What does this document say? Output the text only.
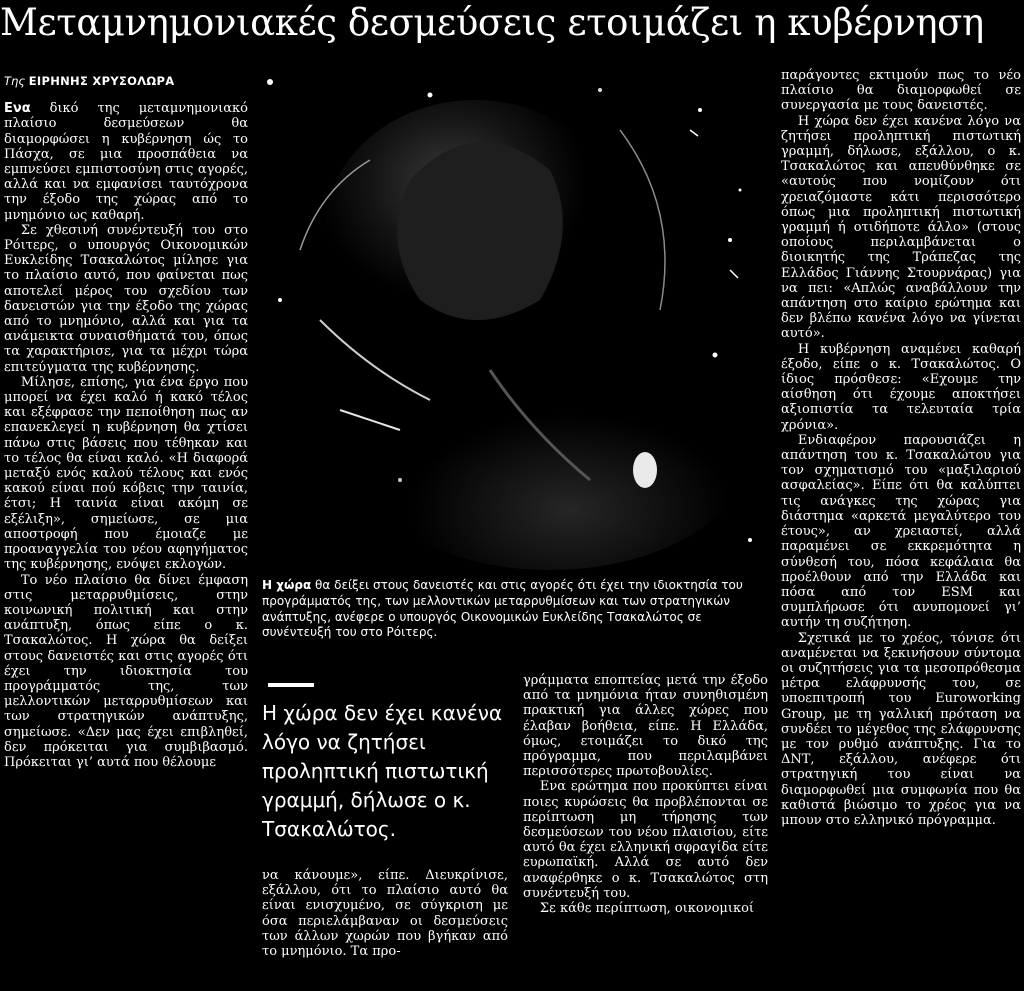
Μεταμνημονιακές δεσμεύσεις ετοιμάζει η κυβέρνηση
Της ΕΙΡΗΝΗΣ ΧΡΥΣΟΛΩΡΑ

Ενα δικό της μεταμνημονιακό πλαίσιο δεσμεύσεων θα διαμορφώσει η κυβέρνηση ώς το Πάσχα, σε μια προσπάθεια να εμπνεύσει εμπιστοσύνη στις αγορές, αλλά και να εμφανίσει ταυτόχρονα την έξοδο της χώρας από το μνημόνιο ως καθαρή.

Σε χθεσινή συνέντευξή του στο Ρόιτερς, ο υπουργός Οικονομικών Ευκλείδης Τσακαλώτος μίλησε για το πλαίσιο αυτό, που φαίνεται πως αποτελεί μέρος του σχεδίου των δανειστών για την έξοδο της χώρας από το μνημόνιο, αλλά και για τα ανάμεικτα συναισθήματά του, όπως τα χαρακτήρισε, για τα μέχρι τώρα επιτεύγματα της κυβέρνησης.

Μίλησε, επίσης, για ένα έργο που μπορεί να έχει καλό ή κακό τέλος και εξέφρασε την πεποίθηση πως αν επανεκλεγεί η κυβέρνηση θα χτίσει πάνω στις βάσεις που τέθηκαν και το τέλος θα είναι καλό. «Η διαφορά μεταξύ ενός καλού τέλους και ενός κακού είναι πού κόβεις την ταινία, έτσι; Η ταινία είναι ακόμη σε εξέλιξη», σημείωσε, σε μια αποστροφή που έμοιαζε με προαναγγελία του νέου αφηγήματος της κυβέρνησης, ενόψει εκλογών.

Το νέο πλαίσιο θα δίνει έμφαση στις μεταρρυθμίσεις, στην κοινωνική πολιτική και στην ανάπτυξη, όπως είπε ο κ. Τσακαλώτος. Η χώρα θα δείξει στους δανειστές και στις αγορές ότι έχει την ιδιοκτησία του προγράμματός της, των μελλοντικών μεταρρυθμίσεων και των στρατηγικών ανάπτυξης, σημείωσε. «Δεν μας έχει επιβληθεί, δεν πρόκειται για συμβιβασμό. Πρόκειται γι’ αυτά που θέλουμε

Η χώρα θα δείξει στους δανειστές και στις αγορές ότι έχει την ιδιοκτησία του προγράμματός της, των μελλοντικών μεταρρυθμίσεων και των στρατηγικών ανάπτυξης, ανέφερε ο υπουργός Οικονομικών Ευκλείδης Τσακαλώτος σε συνέντευξή του στο Ρόιτερς.
Η χώρα δεν έχει κανένα λόγο να ζητήσει προληπτική πιστωτική γραμμή, δήλωσε ο κ. Τσακαλώτος.

να κάνουμε», είπε. Διευκρίνισε, εξάλλου, ότι το πλαίσιο αυτό θα είναι ενισχυμένο, σε σύγκριση με όσα περιελάμβαναν οι δεσμεύσεις των άλλων χωρών που βγήκαν από το μνημόνιο. Τα προ-

γράμματα εποπτείας μετά την έξοδο από τα μνημόνια ήταν συνηθισμένη πρακτική για άλλες χώρες που έλαβαν βοήθεια, είπε. Η Ελλάδα, όμως, ετοιμάζει το δικό της πρόγραμμα, που περιλαμβάνει περισσότερες πρωτοβουλίες.

Ενα ερώτημα που προκύπτει είναι ποιες κυρώσεις θα προβλέπονται σε περίπτωση μη τήρησης των δεσμεύσεων του νέου πλαισίου, είτε αυτό θα έχει ελληνική σφραγίδα είτε ευρωπαϊκή. Αλλά σε αυτό δεν αναφέρθηκε ο κ. Τσακαλώτος στη συνέντευξή του.

Σε κάθε περίπτωση, οικονομικοί

παράγοντες εκτιμούν πως το νέο πλαίσιο θα διαμορφωθεί σε συνεργασία με τους δανειστές.

Η χώρα δεν έχει κανένα λόγο να ζητήσει προληπτική πιστωτική γραμμή, δήλωσε, εξάλλου, ο κ. Τσακαλώτος και απευθύνθηκε σε «αυτούς που νομίζουν ότι χρειαζόμαστε κάτι περισσότερο όπως μια προληπτική πιστωτική γραμμή ή οτιδήποτε άλλο» (στους οποίους περιλαμβάνεται ο διοικητής της Τράπεζας της Ελλάδος Γιάννης Στουρνάρας) για να πει: «Απλώς αναβάλλουν την απάντηση στο καίριο ερώτημα και δεν βλέπω κανένα λόγο να γίνεται αυτό».

Η κυβέρνηση αναμένει καθαρή έξοδο, είπε ο κ. Τσακαλώτος. Ο ίδιος πρόσθεσε: «Εχουμε την αίσθηση ότι έχουμε αποκτήσει αξιοπιστία τα τελευταία τρία χρόνια».

Ενδιαφέρον παρουσιάζει η απάντηση του κ. Τσακαλώτου για τον σχηματισμό του «μαξιλαριού ασφαλείας». Είπε ότι θα καλύπτει τις ανάγκες της χώρας για διάστημα «αρκετά μεγαλύτερο του έτους», αν χρειαστεί, αλλά παραμένει σε εκκρεμότητα η σύνθεσή του, πόσα κεφάλαια θα προέλθουν από την Ελλάδα και πόσα από τον ESM και συμπλήρωσε ότι ανυπομονεί γι’ αυτήν τη συζήτηση.

Σχετικά με το χρέος, τόνισε ότι αναμένεται να ξεκινήσουν σύντομα οι συζητήσεις για τα μεσοπρόθεσμα μέτρα ελάφρυνσής του, σε υποεπιτροπή του Euroworking Group, με τη γαλλική πρόταση να συνδέει το μέγεθος της ελάφρυνσης με τον ρυθμό ανάπτυξης. Για το ΔΝΤ, εξάλλου, ανέφερε ότι στρατηγική του είναι να διαμορφωθεί μια συμφωνία που θα καθιστά βιώσιμο το χρέος για να μπουν στο ελληνικό πρόγραμμα.
